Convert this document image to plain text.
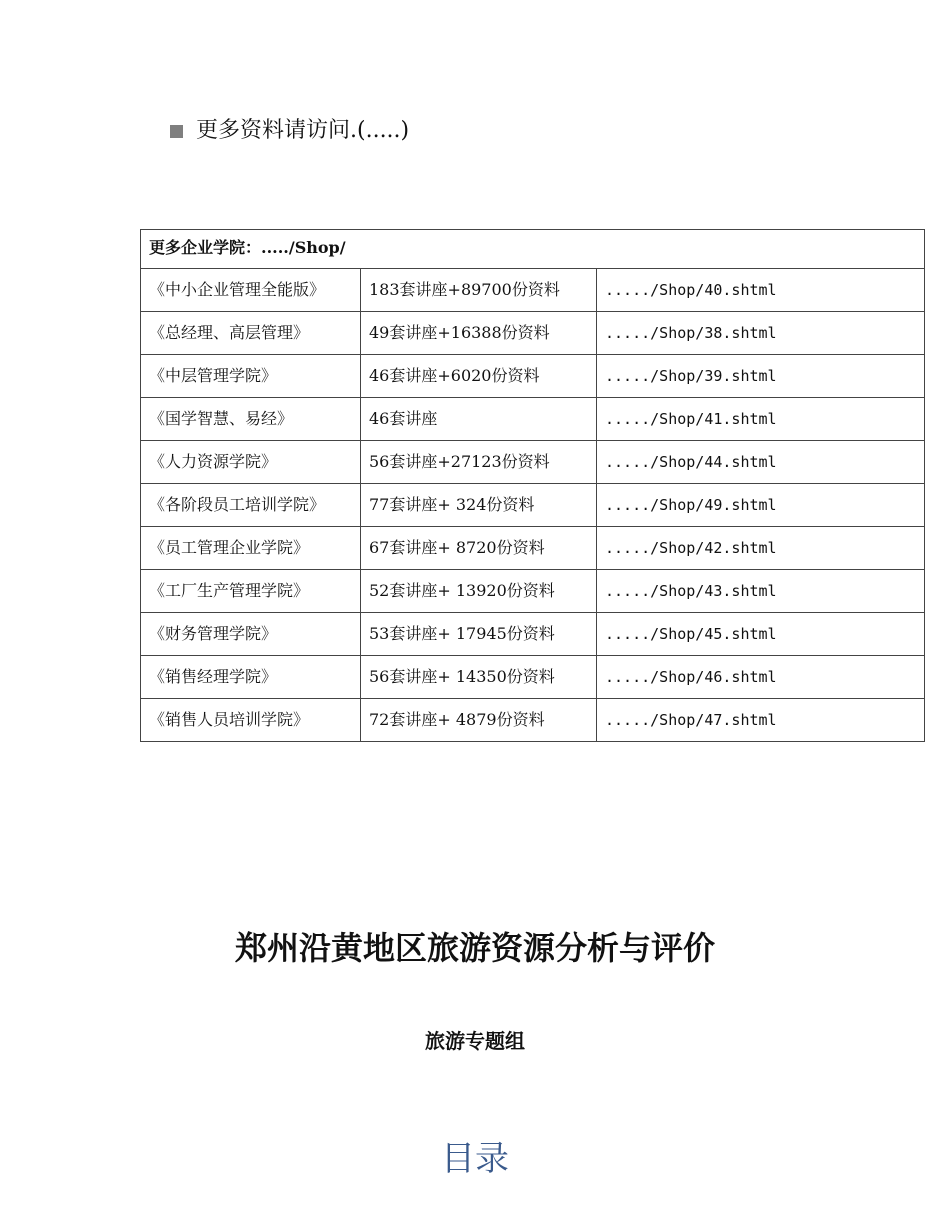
更多资料请访问.(.....)
更多企业学院：...../Shop/		
《中小企业管理全能版》	183套讲座+89700份资料	...../Shop/40.shtml
《总经理、高层管理》	49套讲座+16388份资料	...../Shop/38.shtml
《中层管理学院》	46套讲座+6020份资料	...../Shop/39.shtml
《国学智慧、易经》	46套讲座	...../Shop/41.shtml
《人力资源学院》	56套讲座+27123份资料	...../Shop/44.shtml
《各阶段员工培训学院》	77套讲座+ 324份资料	...../Shop/49.shtml
《员工管理企业学院》	67套讲座+ 8720份资料	...../Shop/42.shtml
《工厂生产管理学院》	52套讲座+ 13920份资料	...../Shop/43.shtml
《财务管理学院》	53套讲座+ 17945份资料	...../Shop/45.shtml
《销售经理学院》	56套讲座+ 14350份资料	...../Shop/46.shtml
《销售人员培训学院》	72套讲座+ 4879份资料	...../Shop/47.shtml
郑州沿黄地区旅游资源分析与评价
旅游专题组
目录
